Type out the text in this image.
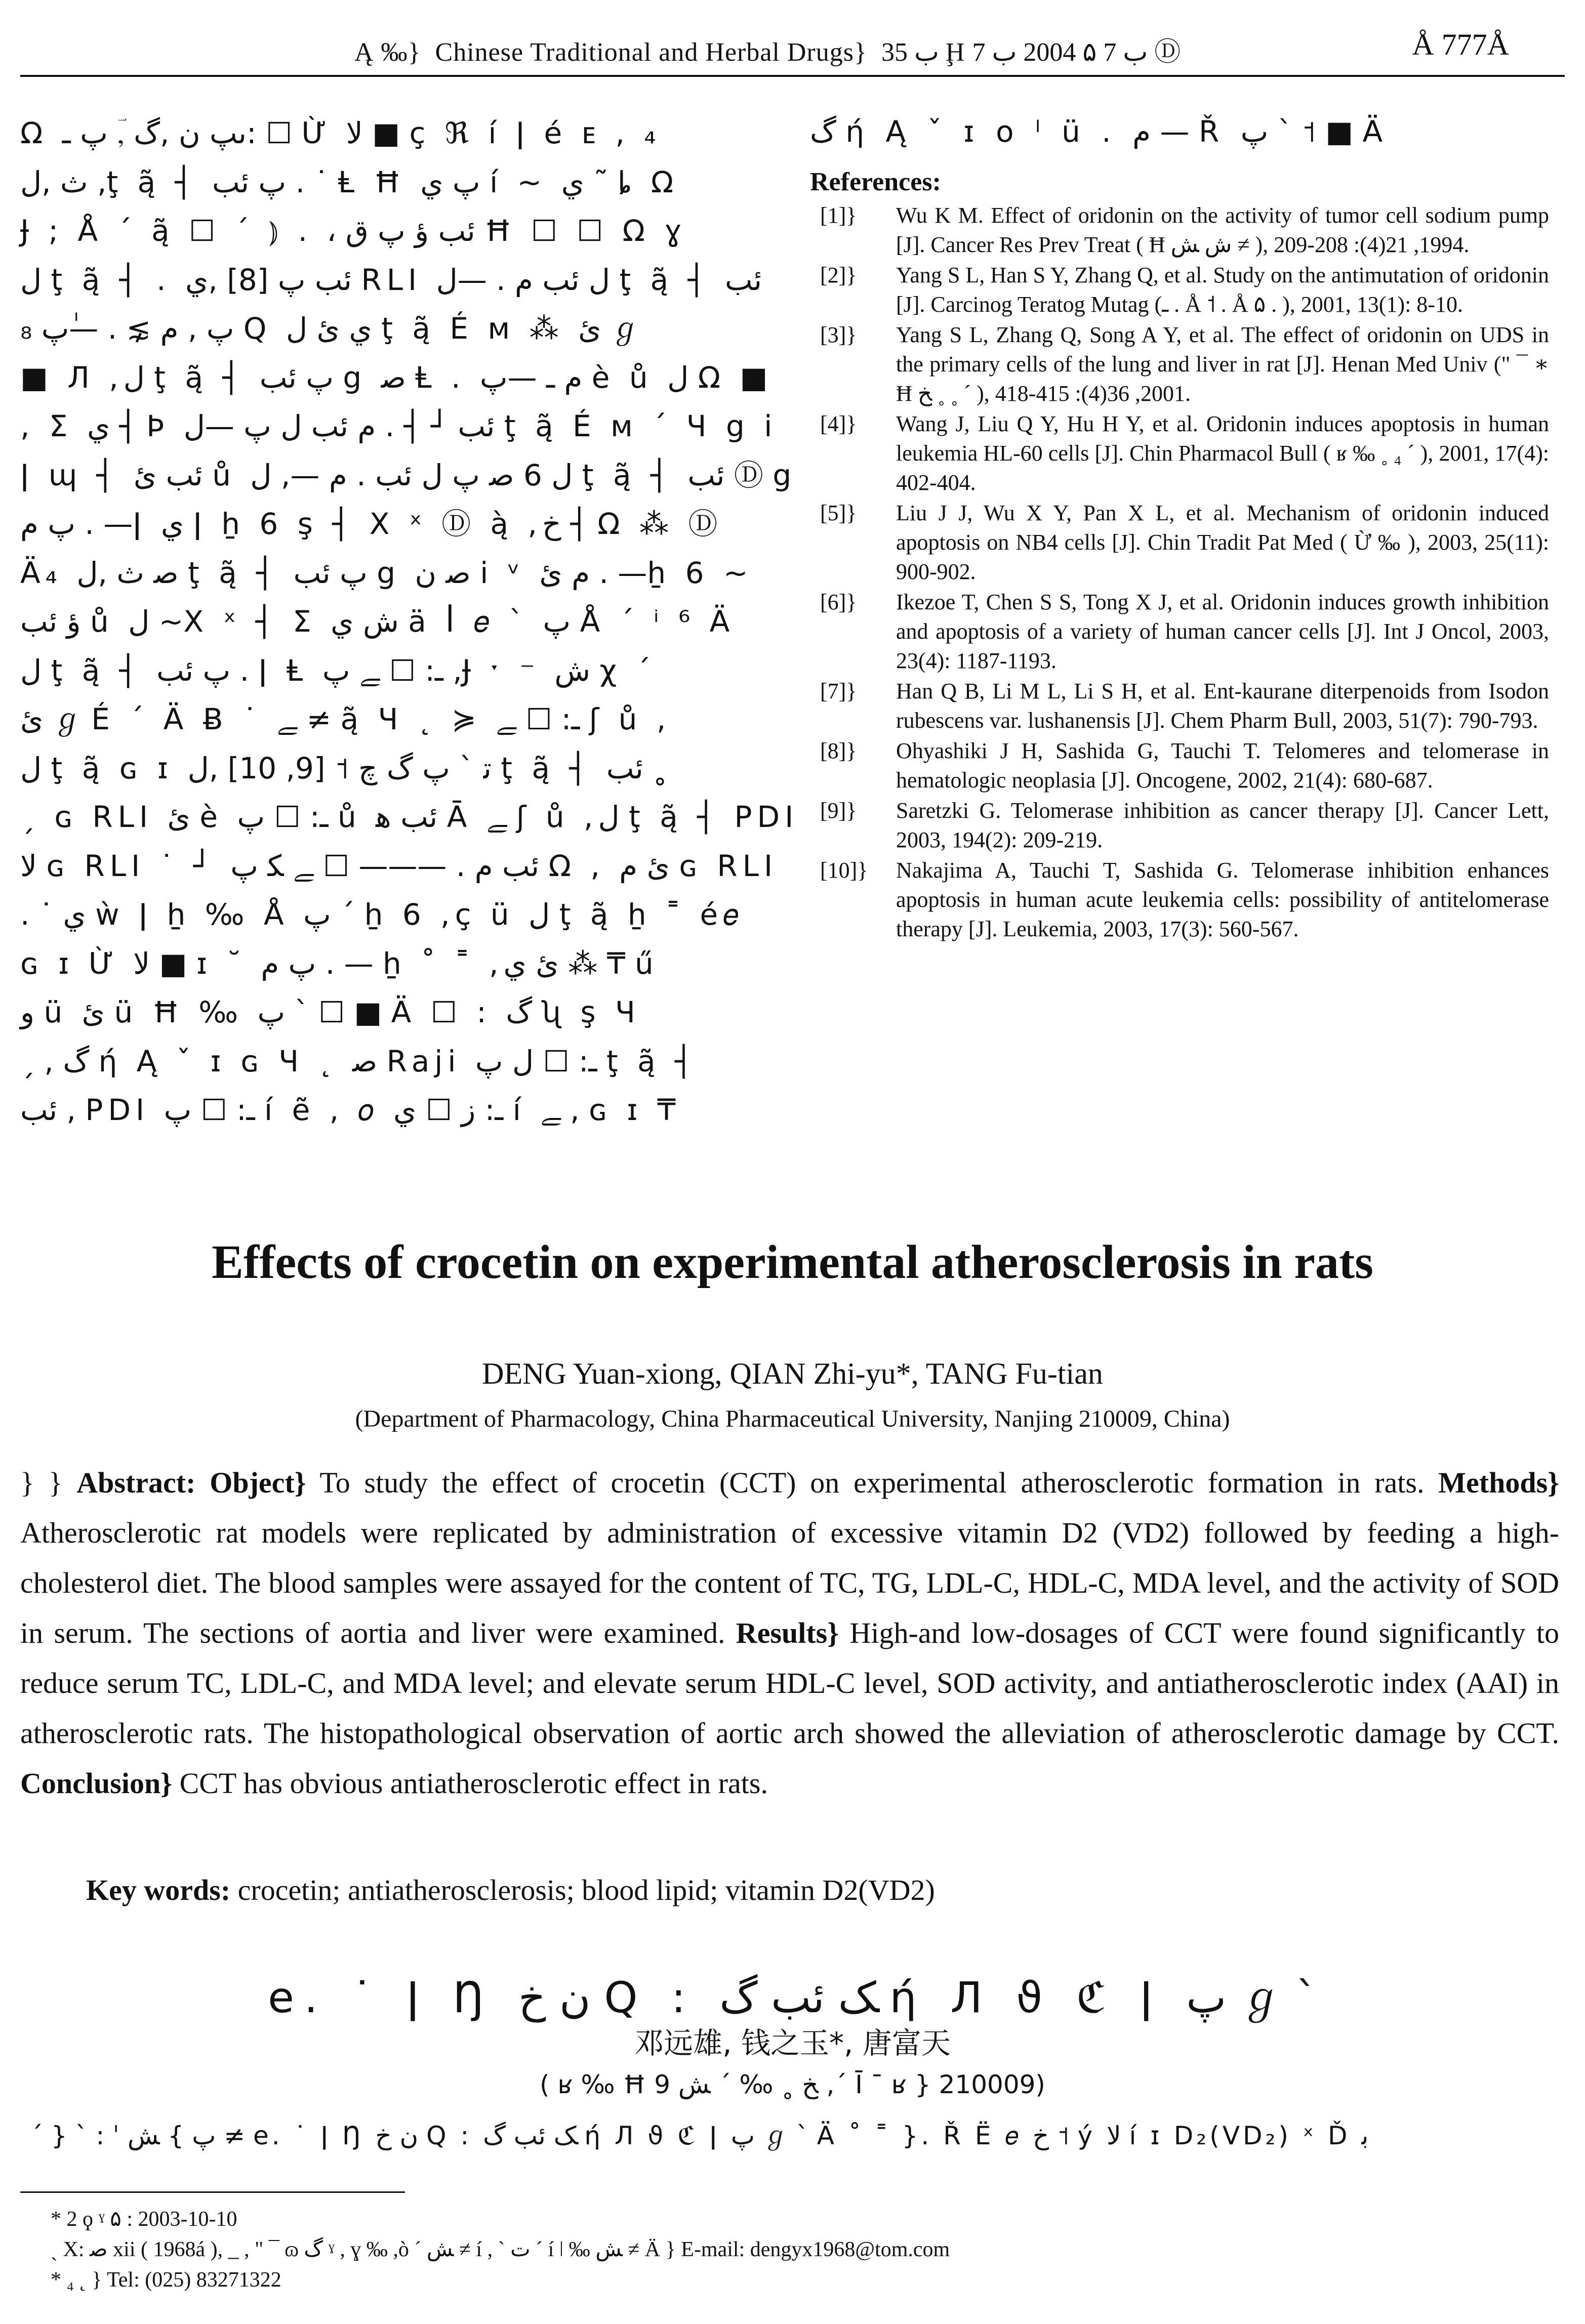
Ą ‰} Chinese Traditional and Herbal Drugs} ب 35 Ḩ ب 7 ۵ 2004 ب 7 Ⓓ	Å 777Å
Ω ىپ ن ,گ ,ؔ پ ـ: ☐ Ừ ﻻ ■ ç ℜ í ǀ é ᴇ , ₄
ث ,ل ,ţ ą̃ ┤ پ ئب . ˙ Ⱡ Ħ پ ي í ~ ي ˜ ȴ Ω
Ɉ ; Å ˊ ą̃ ☐ ´ ⦆ . ، ئب ؤ پ ق Ħ ☐ ☐ Ω ɣ
ل ţ ą̃ ┤ . ئب ﭖ [8] ,ي RLI ل ئب م . —ل ţ ą̃ ┤ ئب
ﭖ , م ⋧ . —ٰپ ₈ Q ي ئ ل ţ ą̃ É ᴍ ⁂ ئ ℊ
■ Л ,ل ţ ą̃ ┤ پ ئب g ﺻ Ⱡ . م ـ —پ è ů ل Ω ■
, Σ ي ┤ Þ ئب ┘ ┤ . م ئب ل پ —ل ţ ą̃ É ᴍ ˊ Ч g i
ǀ ɰ ┤ ئب ئ ů ل 6 ﺻ پ ل ئب . م —, ل ţ ą̃ ┤ ئب Ⓓ g
پ م . —ǀ ي ǀ ẖ 6 ş ┤ X ˣ Ⓓ ą̀ ,خ ┤ Ω ⁂ Ⓓ
Ä₄ ﺻ ث ,ل ţ ą̃ ┤ پ ئب g ﺻ ن i ᵛ م ئ . —ẖ 6 ~
ؤ ئب ů ل ~X ˣ ┤ Σ ش ي ä ꟾ 𝑒 ˋ پ Å ˊ ⁱ ⁶ Ä
ل ţ ą̃ ┤ پ ئب . ǀ Ⱡ ـ: ☐ ﮯ پ ,Ɉ ˑ ⁻ ش χ ˊ
ئ ℊ É ˊ Ä Ƀ ˙ ﮯ ≠ ą̃ Ч ˛ ≽ ـ: ☐ ﮯ ʃ ů ,
ل ţ ą̃ ɢ ɪ ﺗ ˋ پ گ ﭺ ˦ [9, 10] ,ل ţ ą̃ ┤ ئب ˳
ˏ ɢ RLI ئ è ـ: ☐ پ ů ئب ﮬ Ā ﮯ ʃ ů ,ل ţ ą̃ ┤ PDI
ﻻ ɢ RLI ˙ ┘ ئب م . ——— ☐ ﮯ ﮑ پ Ω , ئ م ɢ RLI
. ˙ ي ẁ ǀ ẖ ‰ Å پ ˊ ẖ 6 ,ç ü ل ţ ą̃ ẖ ˭ é𝑒
ɢ ɪ Ừ ﻻ ■ ɪ ˘ پ م . — ẖ ˚ ˭ ,ئ ي ⁂ ₸ ű
و ü ئ ü Ħ ‰ پ ˋ ☐ ■ Ä ☐ : گ ʯ ş Ч
ˏ , گ ή Ą ˇ ɪ ɢ Ч ˛ ﺻ Raji ـ: ☐ ل پ ţ ą̃ ┤
ئب , PDI ـ: ☐ پ í ẽ , 𝑜 ـ: ز ☐ ي í ﮯ , ɢ ɪ ₸
گ ή Ą ˇ ɪ ᴏ ˡ ü . م — Ř پ ˋ ˦ ■ Ä
References:
[1]}	Wu K M. Effect of oridonin on the activity of tumor cell sodium pump [J]. Cancer Res Prev Treat ( Ħ ش ﺶ ≠ ), 1994, 21(4): 208-209.
[2]}	Yang S L, Han S Y, Zhang Q, et al. Study on the antimutation of oridonin [J]. Carcinog Teratog Mutag (ـ . Å ˦ . Å ۵ . ), 2001, 13(1): 8-10.
[3]}	Yang S L, Zhang Q, Song A Y, et al. The effect of oridonin on UDS in the primary cells of the lung and liver in rat [J]. Henan Med Univ (" ¯ ∗ Ħ ﺦ ˳ ˳ ˊ ), 2001, 36(4): 415-418.
[4]}	Wang J, Liu Q Y, Hu H Y, et al. Oridonin induces apoptosis in human leukemia HL-60 cells [J]. Chin Pharmacol Bull ( ʁ ‰ ˳ ₄ ˊ ), 2001, 17(4): 402-404.
[5]}	Liu J J, Wu X Y, Pan X L, et al. Mechanism of oridonin induced apoptosis on NB4 cells [J]. Chin Tradit Pat Med ( Ừ ‰ ), 2003, 25(11): 900-902.
[6]}	Ikezoe T, Chen S S, Tong X J, et al. Oridonin induces growth inhibition and apoptosis of a variety of human cancer cells [J]. Int J Oncol, 2003, 23(4): 1187-1193.
[7]}	Han Q B, Li M L, Li S H, et al. Ent-kaurane diterpenoids from Isodon rubescens var. lushanensis [J]. Chem Pharm Bull, 2003, 51(7): 790-793.
[8]}	Ohyashiki J H, Sashida G, Tauchi T. Telomeres and telomerase in hematologic neoplasia [J]. Oncogene, 2002, 21(4): 680-687.
[9]}	Saretzki G. Telomerase inhibition as cancer therapy [J]. Cancer Lett, 2003, 194(2): 209-219.
[10]}	Nakajima A, Tauchi T, Sashida G. Telomerase inhibition enhances apoptosis in human acute leukemia cells: possibility of antitelomerase therapy [J]. Leukemia, 2003, 17(3): 560-567.
Effects of crocetin on experimental atherosclerosis in rats
DENG Yuan-xiong, QIAN Zhi-yu*, TANG Fu-tian
(Department of Pharmacology, China Pharmaceutical University, Nanjing 210009, China)
} } Abstract: Object} To study the effect of crocetin (CCT) on experimental atherosclerotic formation in rats. Methods} Atherosclerotic rat models were replicated by administration of excessive vitamin D2 (VD2) followed by feeding a high-cholesterol diet. The blood samples were assayed for the content of TC, TG, LDL-C, HDL-C, MDA level, and the activity of SOD in serum. The sections of aortia and liver were examined. Results} High-and low-dosages of CCT were found significantly to reduce serum TC, LDL-C, and MDA level; and elevate serum HDL-C level, SOD activity, and antiatherosclerotic index (AAI) in atherosclerotic rats. The histopathological observation of aortic arch showed the alleviation of atherosclerotic damage by CCT. Conclusion} CCT has obvious antiatherosclerotic effect in rats.
Key words: crocetin; antiatherosclerosis; blood lipid; vitamin D2(VD2)
e. ˙ ǀ Ŋ ن خ Q : ﮏ ئب گ ή Л ϑ ℭ ǀ پ ℊ ˋ
邓远雄, 钱之玉*, 唐富天
( ʁ ‰ Ħ ﺦ ˳ ‰ ˊ ﺶ 9 ,ˊ Ī ¯ ʁ } 210009)
ˊ } ˋ : ˈ پ } ﺶ ≠ e. ˙ ǀ Ŋ ن خ Q : ﮏ ئب گ ή Л ϑ ℭ ǀ پ ℊ ˋ Ä ˚ ˭ }. Ř Ë 𝑒 خ ˦ ý ﻻ í ɪ D₂(VD₂) ˣ Ď ﺑ
* 2 ϙ ˠ ۵ : 2003-10-10
ˎ X: ﺻ xii ( 1968á ), _ , " ¯ ɷ گ ˠ , ɣ ‰ ,ò ˊ ﺶ ≠ í , ˋ ت ˊ í ǀ ‰ ﺶ ≠ Ä } E-mail: dengyx1968@tom.com
* ₄ ˛ } Tel: (025) 83271322
